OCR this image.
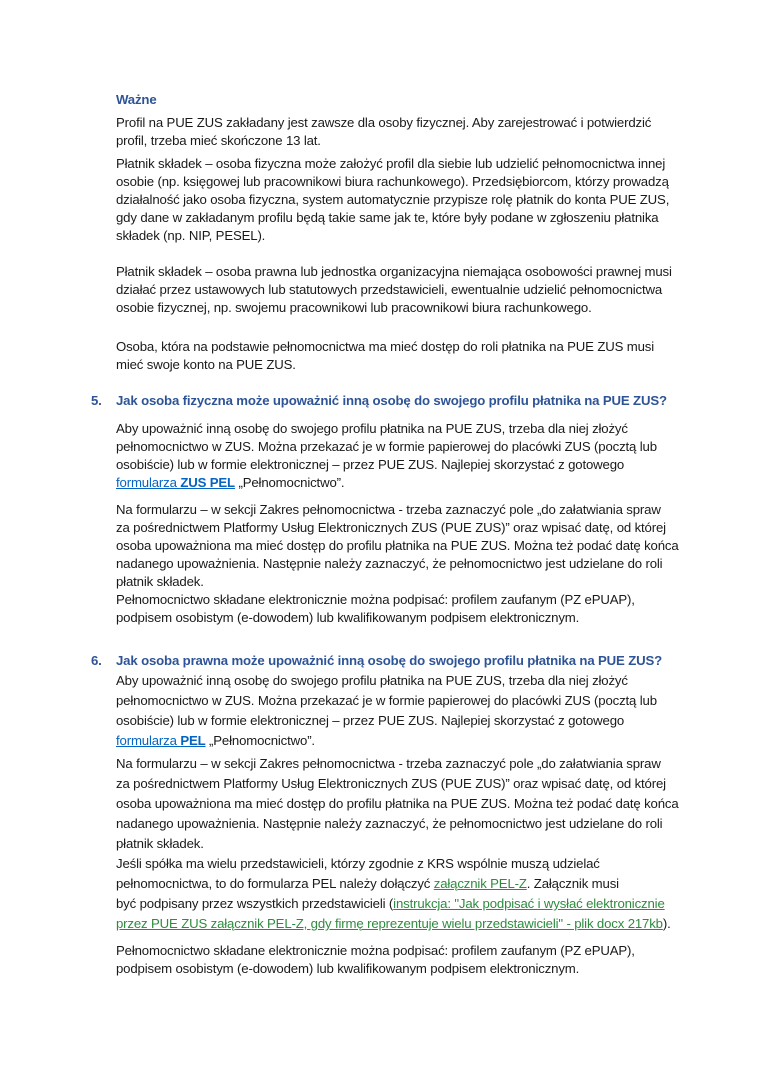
Ważne
Profil na PUE ZUS zakładany jest zawsze dla osoby fizycznej. Aby zarejestrować i potwierdzić
profil, trzeba mieć skończone 13 lat.
Płatnik składek – osoba fizyczna może założyć profil dla siebie lub udzielić pełnomocnictwa innej
osobie (np. księgowej lub pracownikowi biura rachunkowego). Przedsiębiorcom, którzy prowadzą
działalność jako osoba fizyczna, system automatycznie przypisze rolę płatnik do konta PUE ZUS,
gdy dane w zakładanym profilu będą takie same jak te, które były podane w zgłoszeniu płatnika
składek (np. NIP, PESEL).
Płatnik składek – osoba prawna lub jednostka organizacyjna niemająca osobowości prawnej musi
działać przez ustawowych lub statutowych przedstawicieli, ewentualnie udzielić pełnomocnictwa
osobie fizycznej, np. swojemu pracownikowi lub pracownikowi biura rachunkowego.
Osoba, która na podstawie pełnomocnictwa ma mieć dostęp do roli płatnika na PUE ZUS musi
mieć swoje konto na PUE ZUS.
5. Jak osoba fizyczna może upoważnić inną osobę do swojego profilu płatnika na PUE ZUS?
Aby upoważnić inną osobę do swojego profilu płatnika na PUE ZUS, trzeba dla niej złożyć
pełnomocnictwo w ZUS. Można przekazać je w formie papierowej do placówki ZUS (pocztą lub
osobiście) lub w formie elektronicznej – przez PUE ZUS. Najlepiej skorzystać z gotowego
formularza ZUS PEL „Pełnomocnictwo”.
Na formularzu – w sekcji Zakres pełnomocnictwa - trzeba zaznaczyć pole „do załatwiania spraw
za pośrednictwem Platformy Usług Elektronicznych ZUS (PUE ZUS)” oraz wpisać datę, od której
osoba upoważniona ma mieć dostęp do profilu płatnika na PUE ZUS. Można też podać datę końca
nadanego upoważnienia. Następnie należy zaznaczyć, że pełnomocnictwo jest udzielane do roli
płatnik składek.
Pełnomocnictwo składane elektronicznie można podpisać: profilem zaufanym (PZ ePUAP),
podpisem osobistym (e-dowodem) lub kwalifikowanym podpisem elektronicznym.
6. Jak osoba prawna może upoważnić inną osobę do swojego profilu płatnika na PUE ZUS?
Aby upoważnić inną osobę do swojego profilu płatnika na PUE ZUS, trzeba dla niej złożyć
pełnomocnictwo w ZUS. Można przekazać je w formie papierowej do placówki ZUS (pocztą lub
osobiście) lub w formie elektronicznej – przez PUE ZUS. Najlepiej skorzystać z gotowego
formularza PEL „Pełnomocnictwo”.
Na formularzu – w sekcji Zakres pełnomocnictwa - trzeba zaznaczyć pole „do załatwiania spraw
za pośrednictwem Platformy Usług Elektronicznych ZUS (PUE ZUS)” oraz wpisać datę, od której
osoba upoważniona ma mieć dostęp do profilu płatnika na PUE ZUS. Można też podać datę końca
nadanego upoważnienia. Następnie należy zaznaczyć, że pełnomocnictwo jest udzielane do roli
płatnik składek.
Jeśli spółka ma wielu przedstawicieli, którzy zgodnie z KRS wspólnie muszą udzielać
pełnomocnictwa, to do formularza PEL należy dołączyć załącznik PEL-Z. Załącznik musi
być podpisany przez wszystkich przedstawicieli (instrukcja: "Jak podpisać i wysłać elektronicznie
przez PUE ZUS załącznik PEL-Z, gdy firmę reprezentuje wielu przedstawicieli" - plik docx 217kb).
Pełnomocnictwo składane elektronicznie można podpisać: profilem zaufanym (PZ ePUAP),
podpisem osobistym (e-dowodem) lub kwalifikowanym podpisem elektronicznym.
